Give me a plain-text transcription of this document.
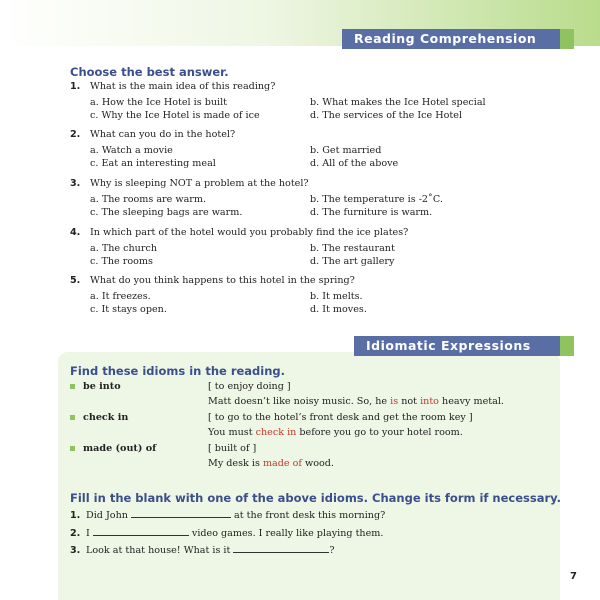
Reading Comprehension
Choose the best answer.
1.	What is the main idea of this reading?
a. How the Ice Hotel is built	b. What makes the Ice Hotel special
c. Why the Ice Hotel is made of ice	d. The services of the Ice Hotel
2.	What can you do in the hotel?
a. Watch a movie	b. Get married
c. Eat an interesting meal	d. All of the above
3.	Why is sleeping NOT a problem at the hotel?
a. The rooms are warm.	b. The temperature is -2˚C.
c. The sleeping bags are warm.	d. The furniture is warm.
4.	In which part of the hotel would you probably find the ice plates?
a. The church	b. The restaurant
c. The rooms	d. The art gallery
5.	What do you think happens to this hotel in the spring?
a. It freezes.	b. It melts.
c. It stays open.	d. It moves.
Idiomatic Expressions
Find these idioms in the reading.
be into	[ to enjoy doing ]
Matt doesn’t like noisy music. So, he is not into heavy metal.
check in	[ to go to the hotel’s front desk and get the room key ]
You must check in before you go to your hotel room.
made (out) of	[ built of ]
My desk is made of wood.
Fill in the blank with one of the above idioms. Change its form if necessary.
1. Did John	at the front desk this morning?
2. I	video games. I really like playing them.
3. Look at that house! What is it	?
7
